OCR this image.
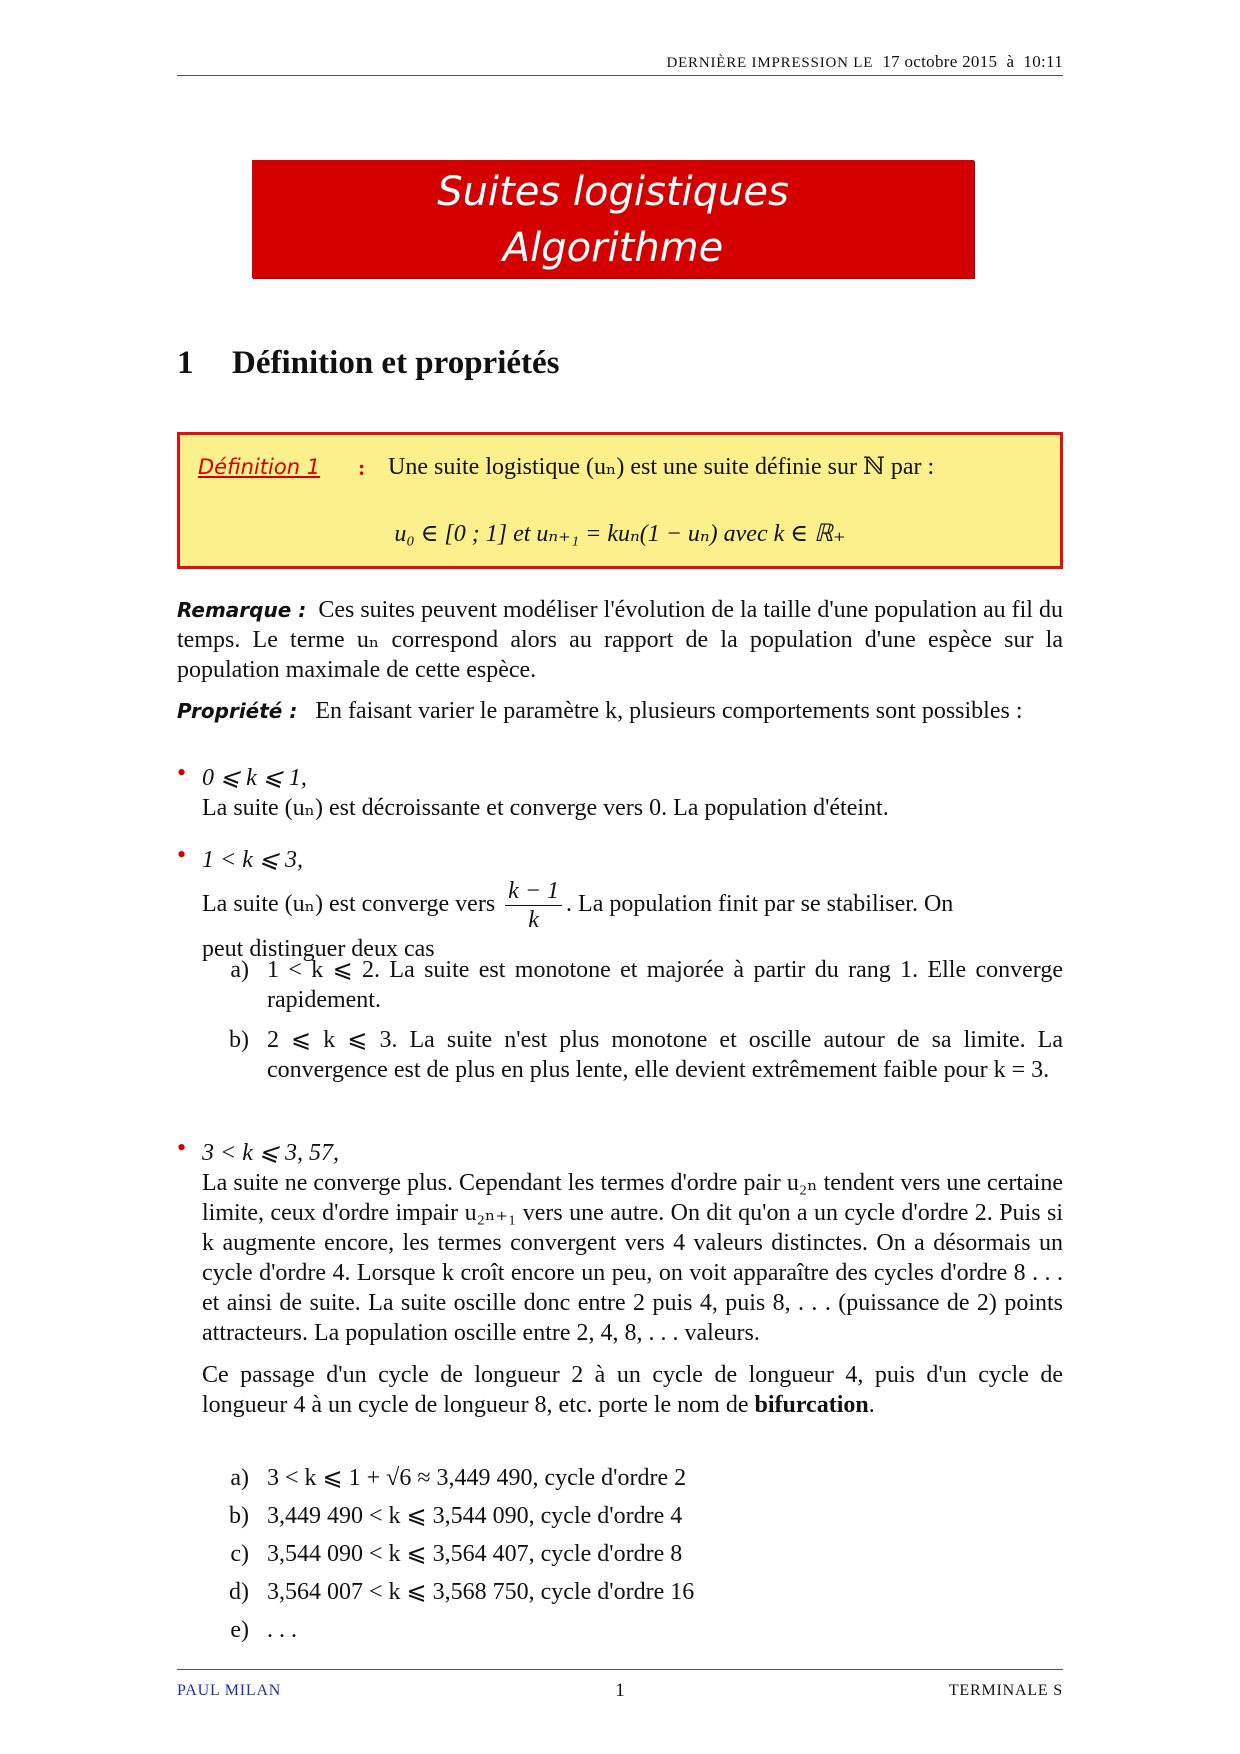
DERNIÈRE IMPRESSION LE 17 octobre 2015 à 10:11
Suites logistiques
Algorithme
1 Définition et propriétés
Définition 1 : Une suite logistique (uₙ) est une suite définie sur ℕ par :
u₀ ∈ [0 ; 1] et uₙ₊₁ = kuₙ(1 − uₙ) avec k ∈ ℝ₊
Remarque : Ces suites peuvent modéliser l'évolution de la taille d'une population au fil du temps. Le terme uₙ correspond alors au rapport de la population d'une espèce sur la population maximale de cette espèce.
Propriété : En faisant varier le paramètre k, plusieurs comportements sont possibles :
• 0 ⩽ k ⩽ 1,
La suite (uₙ) est décroissante et converge vers 0. La population d'éteint.
• 1 < k ⩽ 3,
La suite (uₙ) est converge vers $\frac{k - 1}{k}$ . La population finit par se stabiliser. On
peut distinguer deux cas
a) 1 < k ⩽ 2. La suite est monotone et majorée à partir du rang 1. Elle converge rapidement.
b) 2 ⩽ k ⩽ 3. La suite n'est plus monotone et oscille autour de sa limite. La convergence est de plus en plus lente, elle devient extrêmement faible pour k = 3.
• 3 < k ⩽ 3, 57,
La suite ne converge plus. Cependant les termes d'ordre pair u₂ₙ tendent vers une certaine limite, ceux d'ordre impair u₂ₙ₊₁ vers une autre. On dit qu'on a un cycle d'ordre 2. Puis si k augmente encore, les termes convergent vers 4 valeurs distinctes. On a désormais un cycle d'ordre 4. Lorsque k croît encore un peu, on voit apparaître des cycles d'ordre 8 . . . et ainsi de suite. La suite oscille donc entre 2 puis 4, puis 8, . . . (puissance de 2) points attracteurs. La population oscille entre 2, 4, 8, . . . valeurs.
Ce passage d'un cycle de longueur 2 à un cycle de longueur 4, puis d'un cycle de longueur 4 à un cycle de longueur 8, etc. porte le nom de bifurcation.
a) 3 < k ⩽ 1 + √6 ≈ 3,449 490, cycle d'ordre 2
b) 3,449 490 < k ⩽ 3,544 090, cycle d'ordre 4
c) 3,544 090 < k ⩽ 3,564 407, cycle d'ordre 8
d) 3,564 007 < k ⩽ 3,568 750, cycle d'ordre 16
e) . . .
PAUL MILAN	1	TERMINALE S
